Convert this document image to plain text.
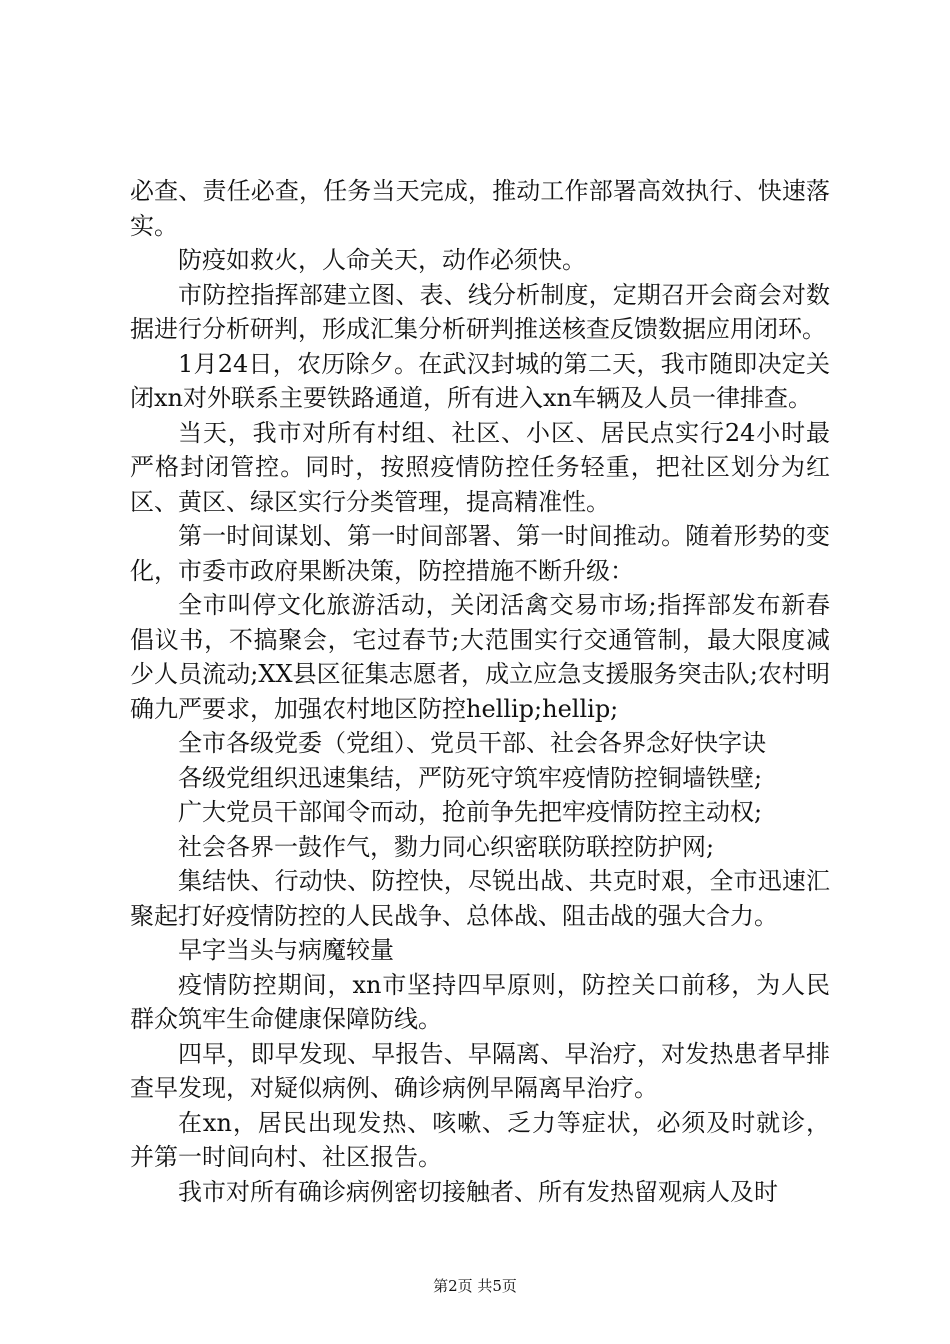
必查、责任必查，任务当天完成，推动工作部署高效执行、快速落实。

防疫如救火，人命关天，动作必须快。

市防控指挥部建立图、表、线分析制度，定期召开会商会对数据进行分析研判，形成汇集分析研判推送核查反馈数据应用闭环。

1月24日，农历除夕。在武汉封城的第二天，我市随即决定关闭xn对外联系主要铁路通道，所有进入xn车辆及人员一律排查。

当天，我市对所有村组、社区、小区、居民点实行24小时最严格封闭管控。同时，按照疫情防控任务轻重，把社区划分为红区、黄区、绿区实行分类管理，提高精准性。

第一时间谋划、第一时间部署、第一时间推动。随着形势的变化，市委市政府果断决策，防控措施不断升级：

全市叫停文化旅游活动，关闭活禽交易市场;指挥部发布新春倡议书，不搞聚会，宅过春节;大范围实行交通管制，最大限度减少人员流动;XX县区征集志愿者，成立应急支援服务突击队;农村明确九严要求，加强农村地区防控hellip;hellip;

全市各级党委（党组）、党员干部、社会各界念好快字诀

各级党组织迅速集结，严防死守筑牢疫情防控铜墙铁壁;

广大党员干部闻令而动，抢前争先把牢疫情防控主动权;

社会各界一鼓作气，勠力同心织密联防联控防护网;

集结快、行动快、防控快，尽锐出战、共克时艰，全市迅速汇聚起打好疫情防控的人民战争、总体战、阻击战的强大合力。

早字当头与病魔较量

疫情防控期间，xn市坚持四早原则，防控关口前移，为人民群众筑牢生命健康保障防线。

四早，即早发现、早报告、早隔离、早治疗，对发热患者早排查早发现，对疑似病例、确诊病例早隔离早治疗。

在xn，居民出现发热、咳嗽、乏力等症状，必须及时就诊，并第一时间向村、社区报告。

我市对所有确诊病例密切接触者、所有发热留观病人及时

第2页 共5页
